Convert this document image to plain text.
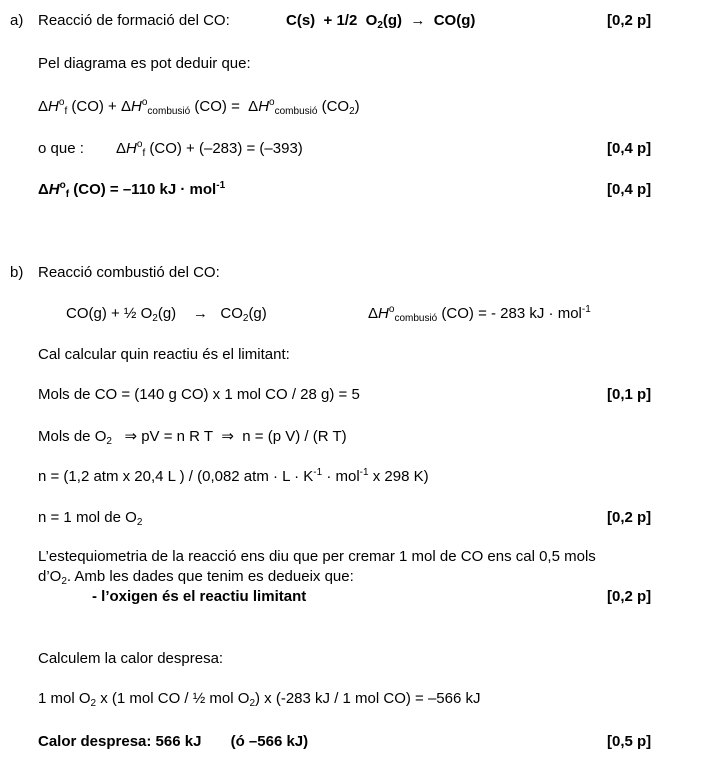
a) Reacció de formació del CO:	C(s) + 1/2 $O_2(g) \to CO(g)$	[0,2 p]
Pel diagrama es pot deduir que:
$\Delta H^o_f$ $(CO) + \Delta H^o_{combusió}$ $(CO) = \Delta H^o_{combusió}$ $(CO_2)$
o que : $\Delta H^o_f$ (CO) + (–283) = (–393)	[0,4 p]
$\Delta H^o_f$ (CO) = –110 kJ · mol$^{-1}$	[0,4 p]
b) Reacció combustió del CO:
CO(g) + ½ $O_2(g) \to CO_2(g)$	$\Delta H^o_{combusió}$ (CO) = - 283 kJ · mol$^{-1}$
Cal calcular quin reactiu és el limitant:
Mols de CO = (140 g CO) x 1 mol CO / 28 g) = 5	[0,1 p]
Mols de $O_2$ ⇒ pV = n R T ⇒ n = (p V) / (R T)
n = (1,2 atm x 20,4 L ) / (0,082 atm · $L \cdot K^{-1} \cdot mol^{-1}$ x 298 K)
n = 1 mol de $O_2$	[0,2 p]
L’estequiometria de la reacció ens diu que per cremar 1 mol de CO ens cal 0,5 mols
$d’O_2$. Amb les dades que tenim es dedueix que:
- l’oxigen és el reactiu limitant	[0,2 p]
Calculem la calor despresa:
1 mol $O_2$ x (1 mol CO / ½ mol $O_2$) x (-283 kJ / 1 mol CO) = –566 kJ
Calor despresa: 566 kJ       (ó –566 kJ)	[0,5 p]
